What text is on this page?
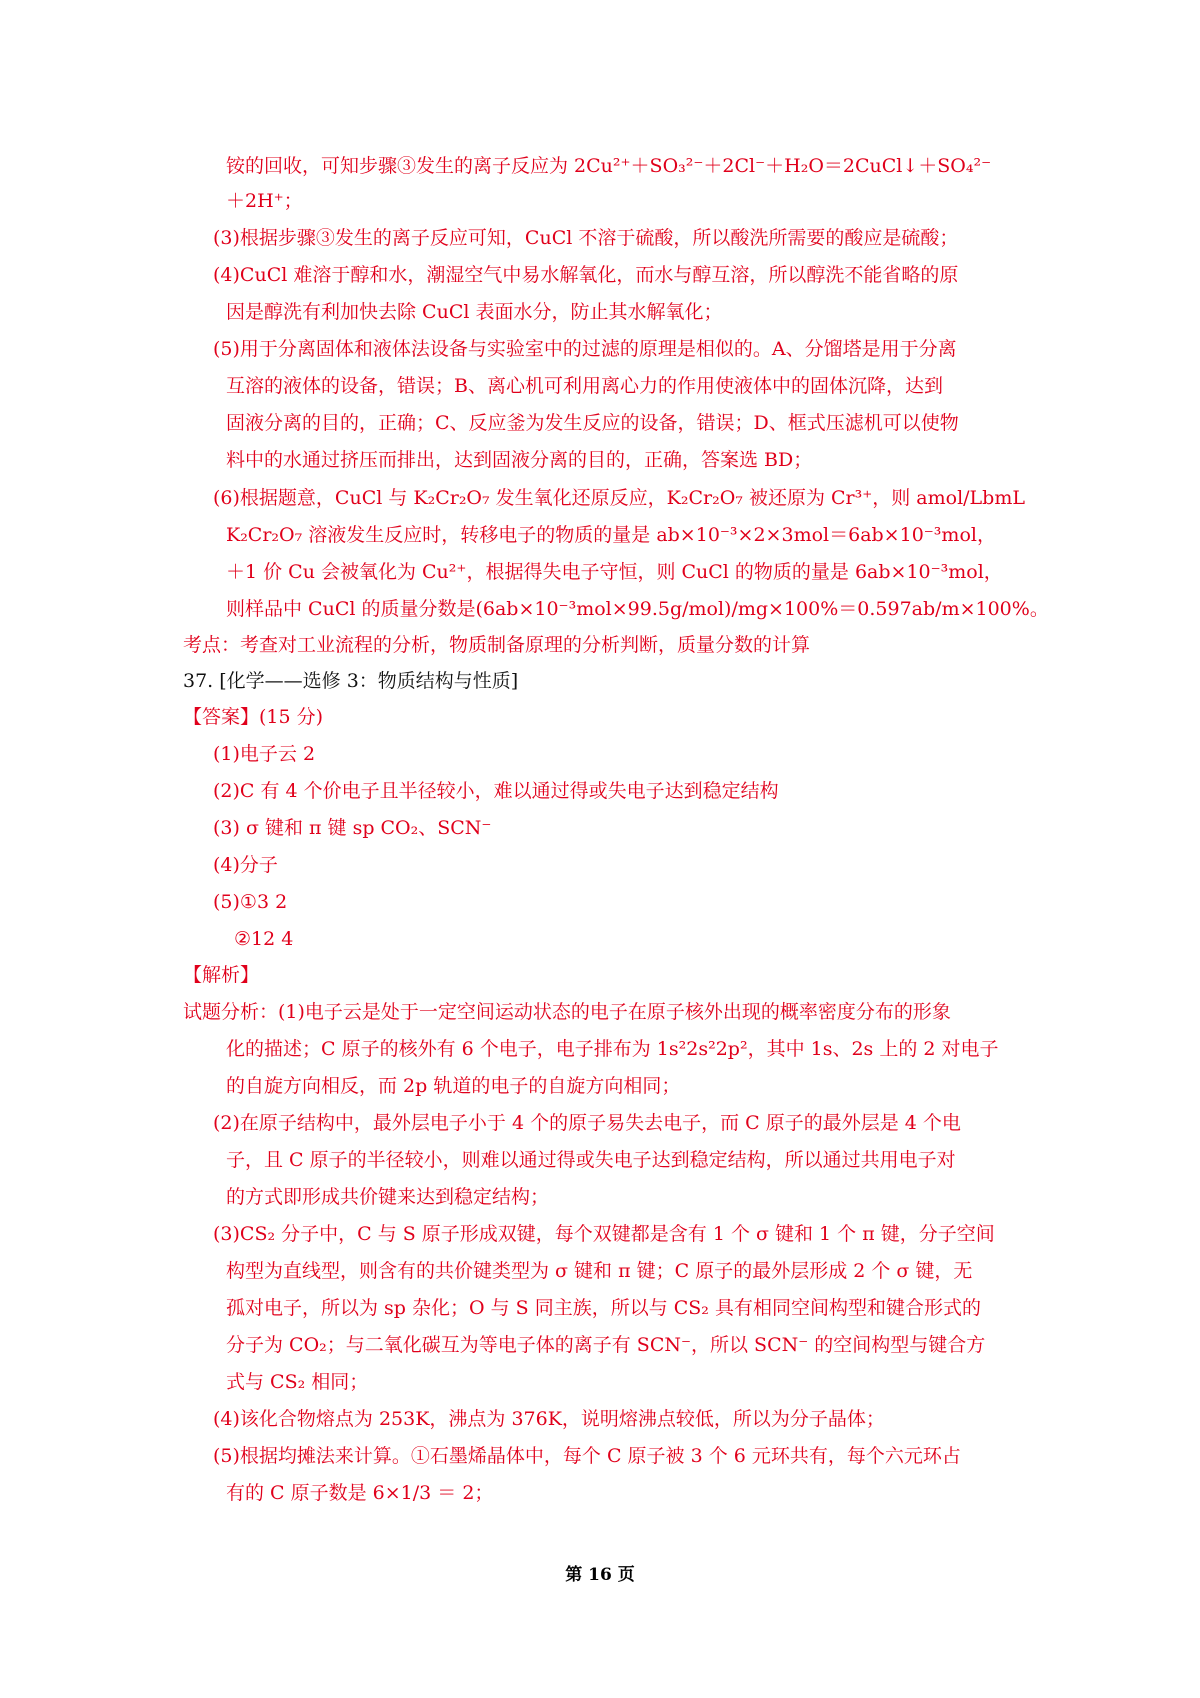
铵的回收，可知步骤③发生的离子反应为 2Cu²⁺＋SO₃²⁻＋2Cl⁻＋H₂O＝2CuCl↓＋SO₄²⁻
＋2H⁺；
(3)根据步骤③发生的离子反应可知，CuCl 不溶于硫酸，所以酸洗所需要的酸应是硫酸；
(4)CuCl 难溶于醇和水，潮湿空气中易水解氧化，而水与醇互溶，所以醇洗不能省略的原
因是醇洗有利加快去除 CuCl 表面水分，防止其水解氧化；
(5)用于分离固体和液体法设备与实验室中的过滤的原理是相似的。A、分馏塔是用于分离
互溶的液体的设备，错误；B、离心机可利用离心力的作用使液体中的固体沉降，达到
固液分离的目的，正确；C、反应釜为发生反应的设备，错误；D、框式压滤机可以使物
料中的水通过挤压而排出，达到固液分离的目的，正确，答案选 BD；
(6)根据题意，CuCl 与 K₂Cr₂O₇ 发生氧化还原反应，K₂Cr₂O₇ 被还原为 Cr³⁺，则 amol/LbmL
K₂Cr₂O₇ 溶液发生反应时，转移电子的物质的量是 ab×10⁻³×2×3mol＝6ab×10⁻³mol，
＋1 价 Cu 会被氧化为 Cu²⁺，根据得失电子守恒，则 CuCl 的物质的量是 6ab×10⁻³mol，
则样品中 CuCl 的质量分数是(6ab×10⁻³mol×99.5g/mol)/mg×100%＝0.597ab/m×100%。
考点：考查对工业流程的分析，物质制备原理的分析判断，质量分数的计算
37. [化学——选修 3：物质结构与性质]
【答案】(15 分)
(1)电子云 2
(2)C 有 4 个价电子且半径较小，难以通过得或失电子达到稳定结构
(3) σ 键和 π 键 sp CO₂、SCN⁻
(4)分子
(5)①3 2
②12 4
【解析】
试题分析：(1)电子云是处于一定空间运动状态的电子在原子核外出现的概率密度分布的形象
化的描述；C 原子的核外有 6 个电子，电子排布为 1s²2s²2p²，其中 1s、2s 上的 2 对电子
的自旋方向相反，而 2p 轨道的电子的自旋方向相同；
(2)在原子结构中，最外层电子小于 4 个的原子易失去电子，而 C 原子的最外层是 4 个电
子，且 C 原子的半径较小，则难以通过得或失电子达到稳定结构，所以通过共用电子对
的方式即形成共价键来达到稳定结构；
(3)CS₂ 分子中，C 与 S 原子形成双键，每个双键都是含有 1 个 σ 键和 1 个 π 键，分子空间
构型为直线型，则含有的共价键类型为 σ 键和 π 键；C 原子的最外层形成 2 个 σ 键，无
孤对电子，所以为 sp 杂化；O 与 S 同主族，所以与 CS₂ 具有相同空间构型和键合形式的
分子为 CO₂；与二氧化碳互为等电子体的离子有 SCN⁻，所以 SCN⁻ 的空间构型与键合方
式与 CS₂ 相同；
(4)该化合物熔点为 253K，沸点为 376K，说明熔沸点较低，所以为分子晶体；
(5)根据均摊法来计算。①石墨烯晶体中，每个 C 原子被 3 个 6 元环共有，每个六元环占
有的 C 原子数是 6×1/3 ＝ 2；
第 16 页
